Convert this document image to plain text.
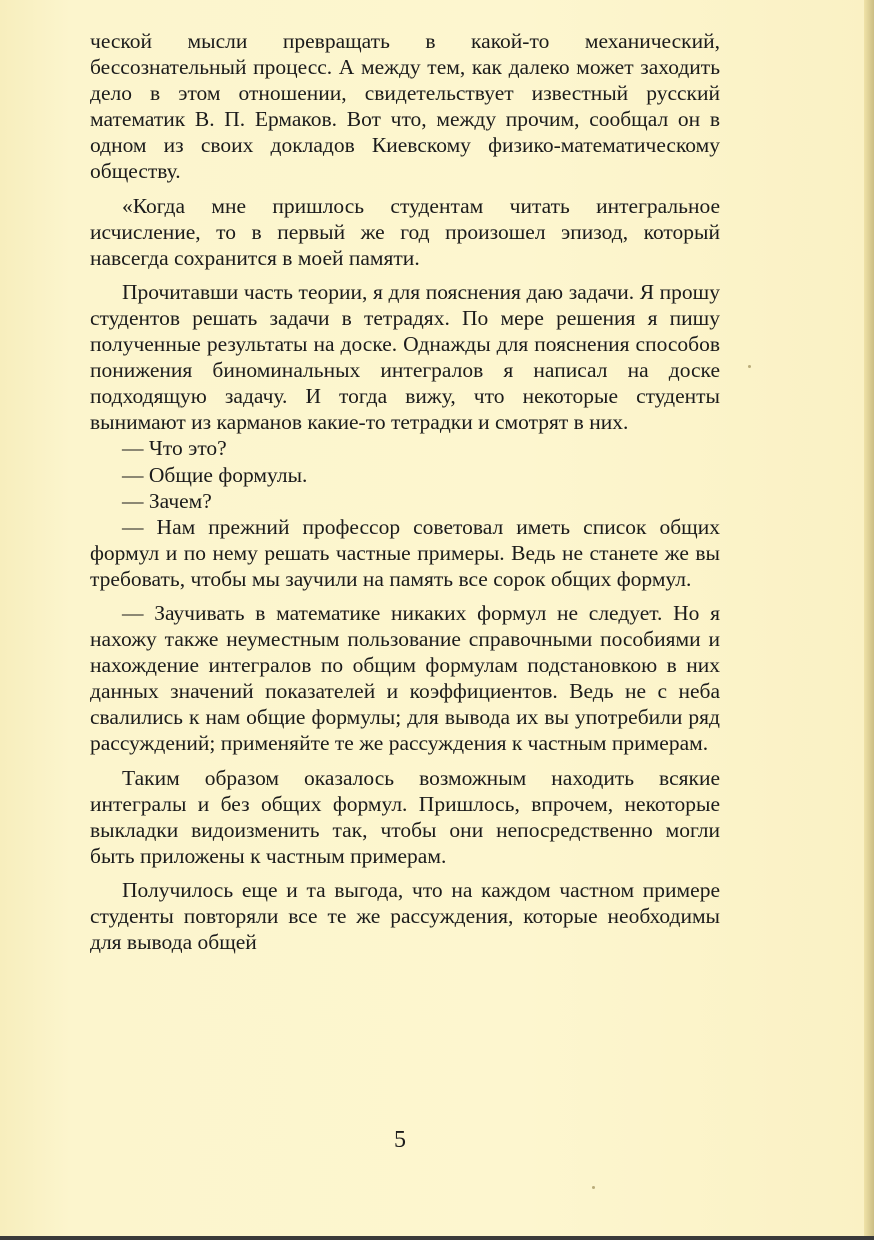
ческой мысли превращать в какой-то механический, бессознательный процесс. А между тем, как далеко может заходить дело в этом отношении, свидетельствует известный русский математик В. П. Ермаков. Вот что, между прочим, сообщал он в одном из своих докладов Киевскому физико-математическому обществу.

«Когда мне пришлось студентам читать интегральное исчисление, то в первый же год произошел эпизод, который навсегда сохранится в моей памяти.

Прочитавши часть теории, я для пояснения даю задачи. Я прошу студентов решать задачи в тетрадях. По мере решения я пишу полученные результаты на доске. Однажды для пояснения способов понижения биноминальных интегралов я написал на доске подходящую задачу. И тогда вижу, что некоторые студенты вынимают из карманов какие-то тетрадки и смотрят в них.

— Что это?

— Общие формулы.

— Зачем?

— Нам прежний профессор советовал иметь список общих формул и по нему решать частные примеры. Ведь не станете же вы требовать, чтобы мы заучили на память все сорок общих формул.

— Заучивать в математике никаких формул не следует. Но я нахожу также неуместным пользование справочными пособиями и нахождение интегралов по общим формулам подстановкою в них данных значений показателей и коэффициентов. Ведь не с неба свалились к нам общие формулы; для вывода их вы употребили ряд рассуждений; применяйте те же рассуждения к частным примерам.

Таким образом оказалось возможным находить всякие интегралы и без общих формул. Пришлось, впрочем, некоторые выкладки видоизменить так, чтобы они непосредственно могли быть приложены к частным примерам.

Получилось еще и та выгода, что на каждом частном примере студенты повторяли все те же рассуждения, которые необходимы для вывода общей

5
